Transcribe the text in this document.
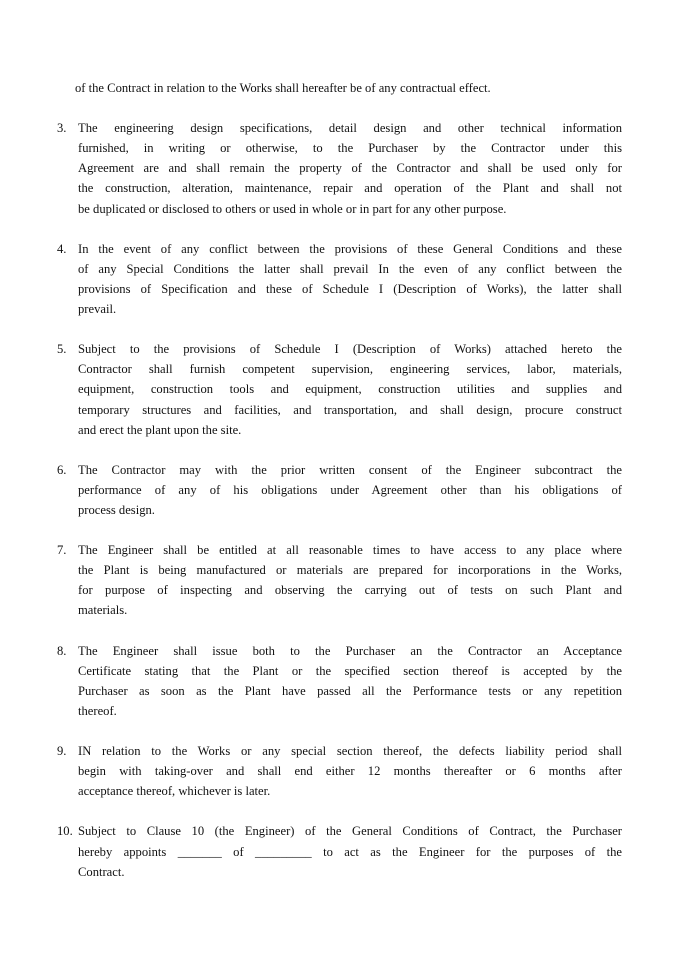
of the Contract in relation to the Works shall hereafter be of any contractual effect.
3. The engineering design specifications, detail design and other technical information
furnished, in writing or otherwise, to the Purchaser by the Contractor under this
Agreement are and shall remain the property of the Contractor and shall be used only for
the construction, alteration, maintenance, repair and operation of the Plant and shall not
be duplicated or disclosed to others or used in whole or in part for any other purpose.
4. In the event of any conflict between the provisions of these General Conditions and these
of any Special Conditions the latter shall prevail In the even of any conflict between the
provisions of Specification and these of Schedule I (Description of Works), the latter shall
prevail.
5. Subject to the provisions of Schedule I (Description of Works) attached hereto the
Contractor shall furnish competent supervision, engineering services, labor, materials,
equipment, construction tools and equipment, construction utilities and supplies and
temporary structures and facilities, and transportation, and shall design, procure construct
and erect the plant upon the site.
6. The Contractor may with the prior written consent of the Engineer subcontract the
performance of any of his obligations under Agreement other than his obligations of
process design.
7. The Engineer shall be entitled at all reasonable times to have access to any place where
the Plant is being manufactured or materials are prepared for incorporations in the Works,
for purpose of inspecting and observing the carrying out of tests on such Plant and
materials.
8. The Engineer shall issue both to the Purchaser an the Contractor an Acceptance
Certificate stating that the Plant or the specified section thereof is accepted by the
Purchaser as soon as the Plant have passed all the Performance tests or any repetition
thereof.
9. IN relation to the Works or any special section thereof, the defects liability period shall
begin with taking-over and shall end either 12 months thereafter or 6 months after
acceptance thereof, whichever is later.
10. Subject to Clause 10 (the Engineer) of the General Conditions of Contract, the Purchaser
hereby appoints _______ of _________ to act as the Engineer for the purposes of the
Contract.
